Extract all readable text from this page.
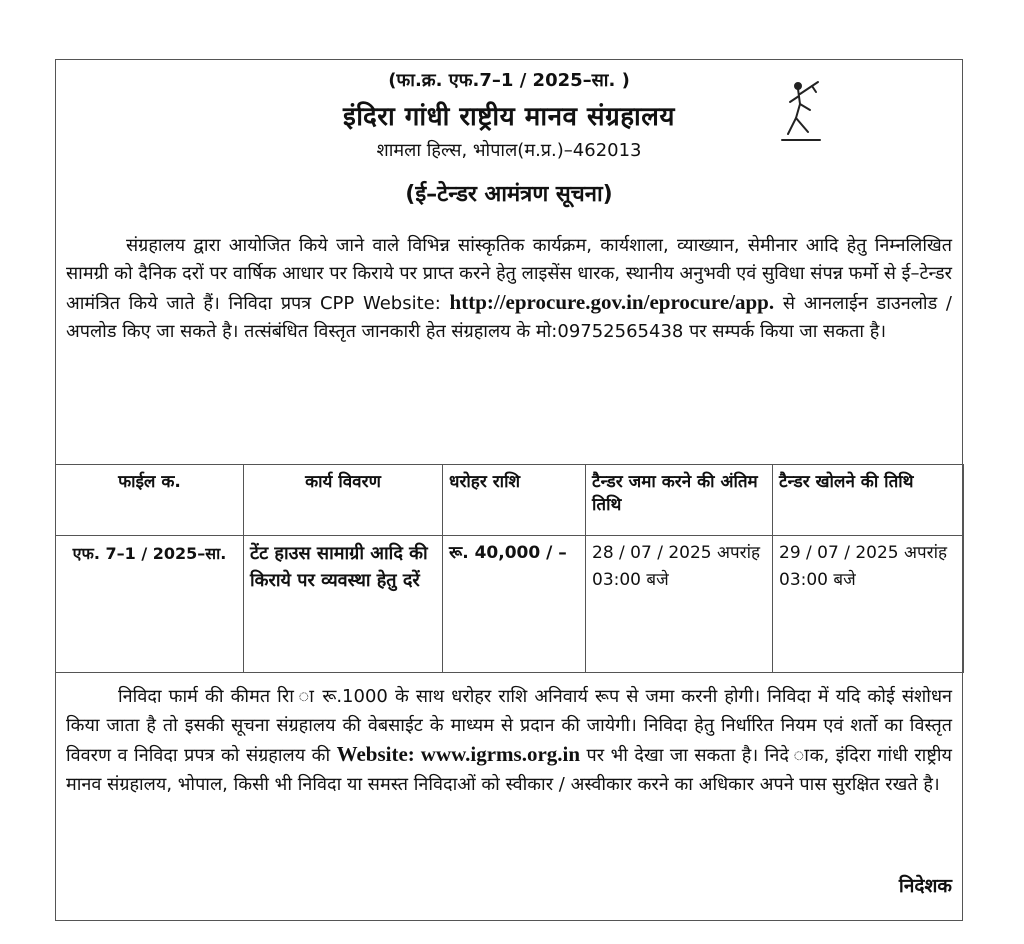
(फा.क्र. एफ.7–1 / 2025–सा. )
इंदिरा गांधी राष्ट्रीय मानव संग्रहालय
शामला हिल्स, भोपाल(म.प्र.)–462013
(ई–टेन्डर आमंत्रण सूचना)

संग्रहालय द्वारा आयोजित किये जाने वाले विभिन्न सांस्कृतिक कार्यक्रम, कार्यशाला, व्याख्यान, सेमीनार आदि हेतु निम्नलिखित सामग्री को दैनिक दरों पर वार्षिक आधार पर किराये पर प्राप्त करने हेतु लाइसेंस धारक, स्थानीय अनुभवी एवं सुविधा संपन्न फर्मो से ई–टेन्डर आमंत्रित किये जाते हैं। निविदा प्रपत्र CPP Website: http://eprocure.gov.in/eprocure/app. से आनलाईन डाउनलोड / अपलोड किए जा सकते है। तत्संबंधित विस्तृत जानकारी हेत संग्रहालय के मो:09752565438 पर सम्पर्क किया जा सकता है।

फाईल क.	कार्य विवरण	धरोहर राशि	टैन्डर जमा करने की अंतिम तिथि	टैन्डर खोलने की तिथि
एफ. 7–1 / 2025–सा.	टेंट हाउस सामाग्री आदि की किराये पर व्यवस्था हेतु दरें	रू. 40,000 / –	28 / 07 / 2025 अपरांह 03:00 बजे	29 / 07 / 2025 अपरांह 03:00 बजे

निविदा फार्म की कीमत रा‍ि ा रू.1000 के साथ धरोहर राशि अनिवार्य रूप से जमा करनी होगी। निविदा में यदि कोई संशोधन किया जाता है तो इसकी सूचना संग्रहालय की वेबसाईट के माध्यम से प्रदान की जायेगी। निविदा हेतु निर्धारित नियम एवं शर्तो का विस्तृत विवरण व निविदा प्रपत्र को संग्रहालय की Website: www.igrms.org.in पर भी देखा जा सकता है। निदे ाक, इंदिरा गांधी राष्ट्रीय मानव संग्रहालय, भोपाल, किसी भी निविदा या समस्त निविदाओं को स्वीकार / अस्वीकार करने का अधिकार अपने पास सुरक्षित रखते है।

निदेशक
